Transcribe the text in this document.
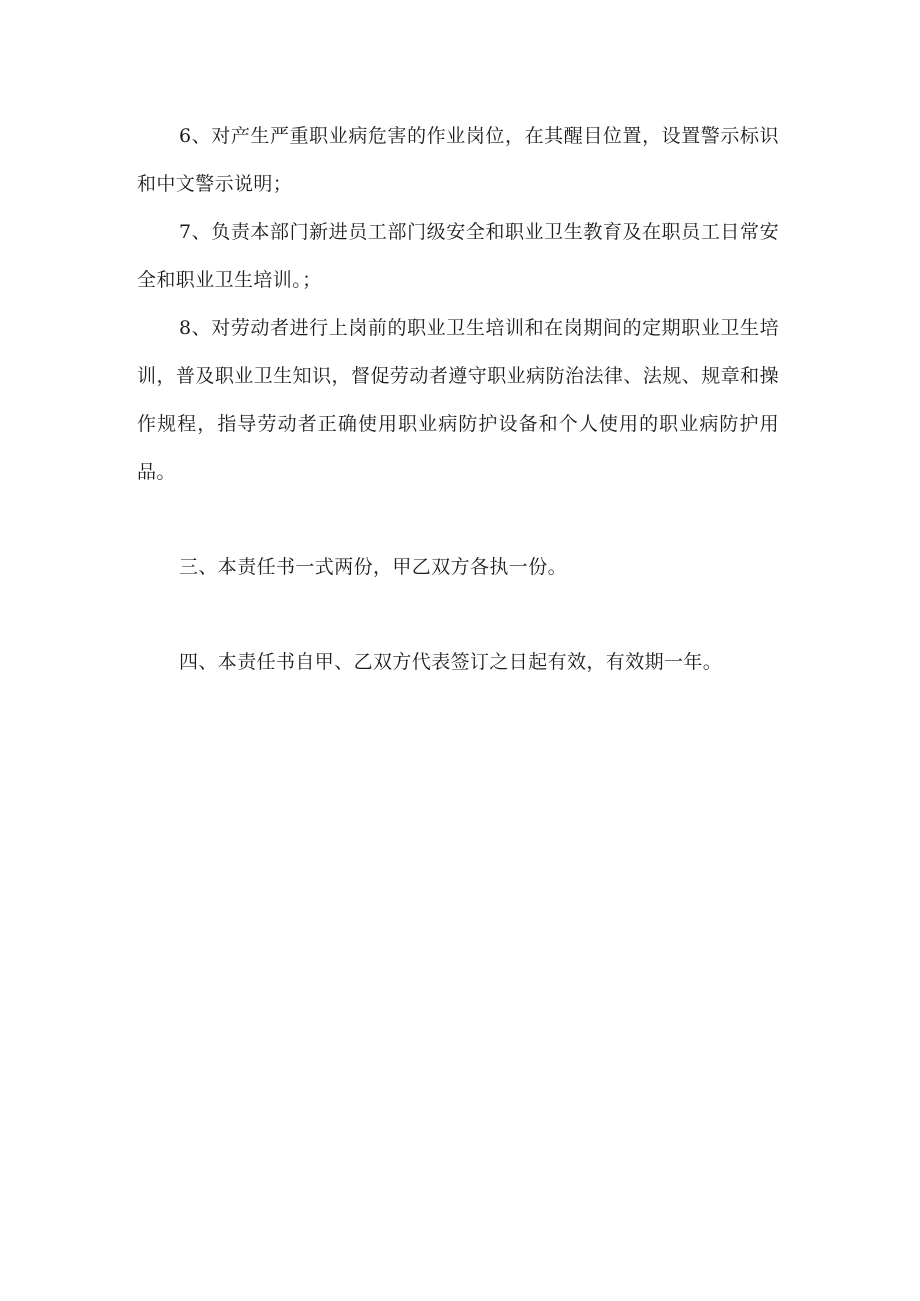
6、对产生严重职业病危害的作业岗位，在其醒目位置，设置警示标识和中文警示说明；

7、负责本部门新进员工部门级安全和职业卫生教育及在职员工日常安全和职业卫生培训。；

8、对劳动者进行上岗前的职业卫生培训和在岗期间的定期职业卫生培训，普及职业卫生知识，督促劳动者遵守职业病防治法律、法规、规章和操作规程，指导劳动者正确使用职业病防护设备和个人使用的职业病防护用品。

三、本责任书一式两份，甲乙双方各执一份。

四、本责任书自甲、乙双方代表签订之日起有效，有效期一年。
